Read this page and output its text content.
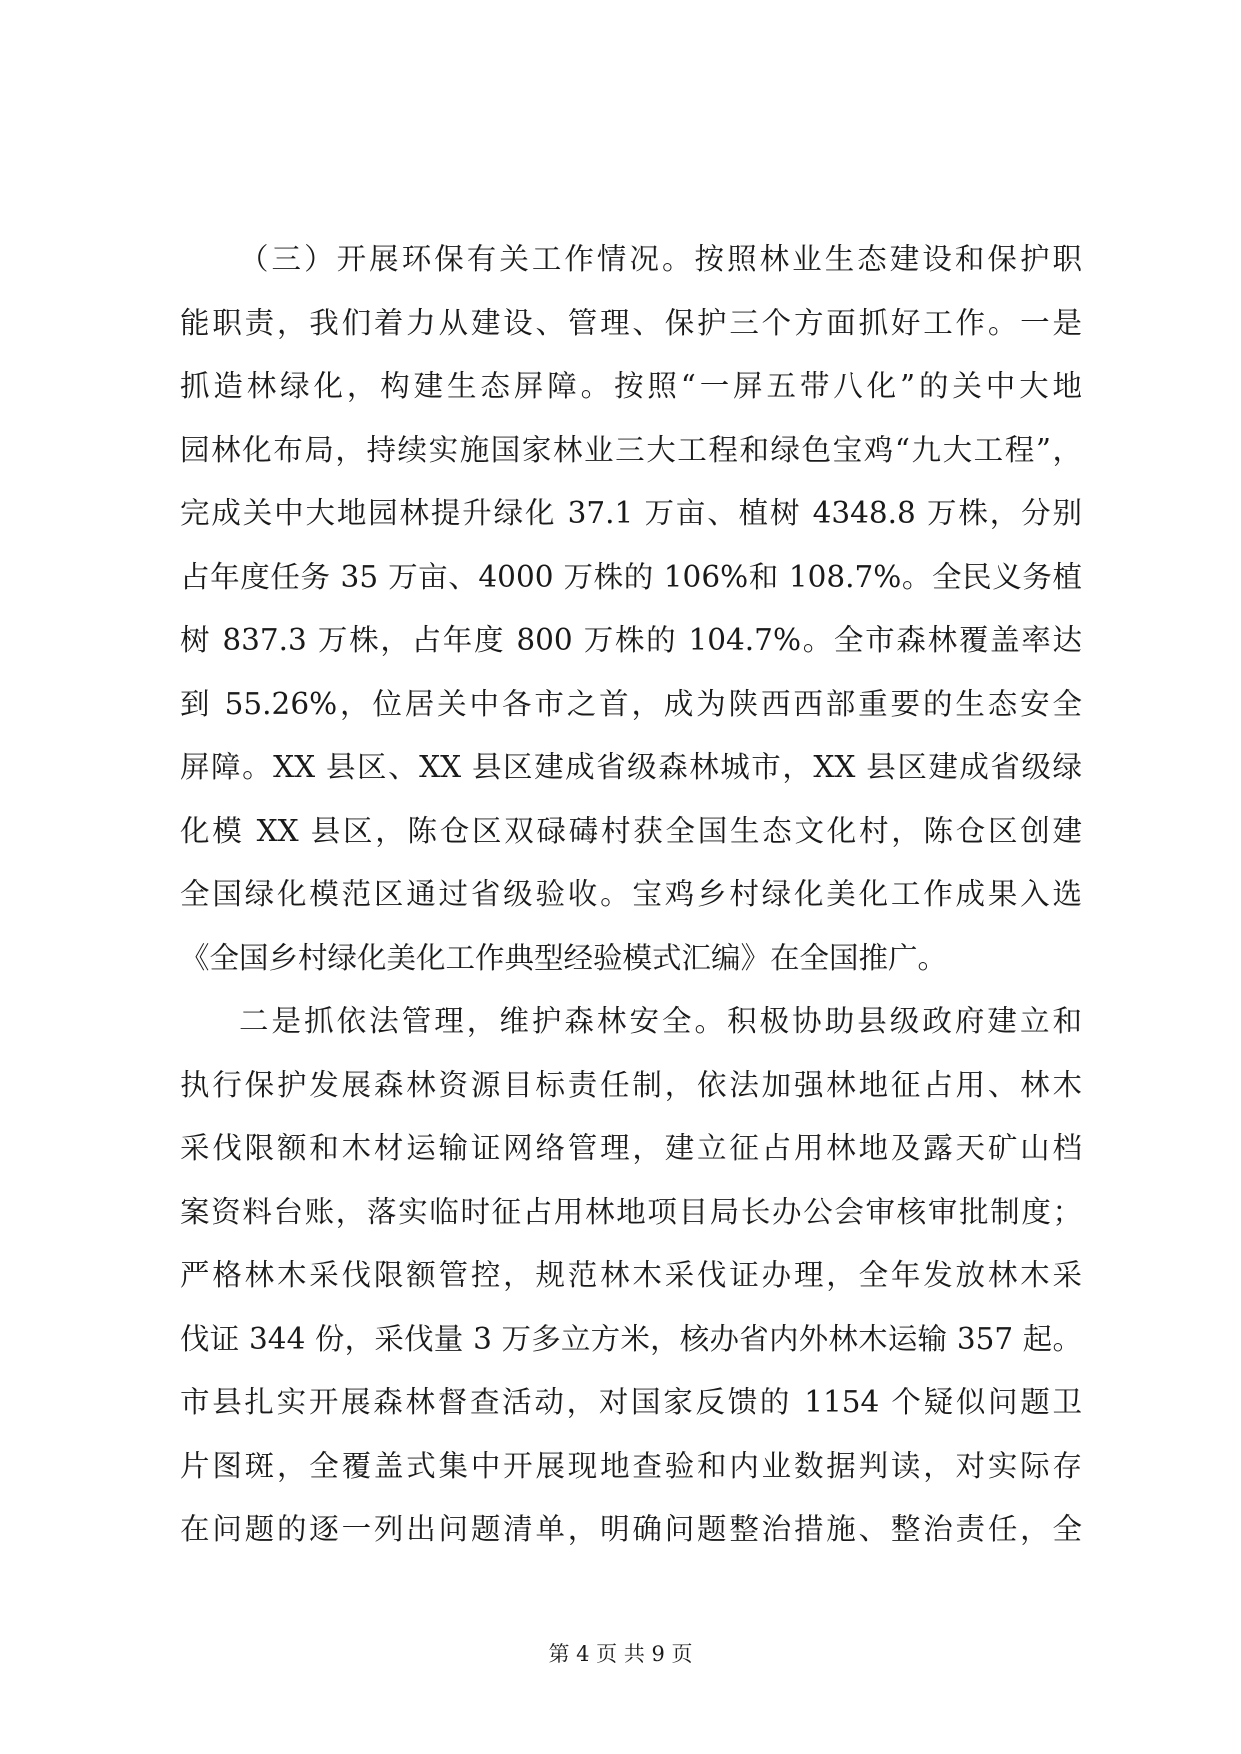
（三）开展环保有关工作情况。按照林业生态建设和保护职
能职责，我们着力从建设、管理、保护三个方面抓好工作。一是
抓造林绿化，构建生态屏障。按照“一屏五带八化”的关中大地
园林化布局，持续实施国家林业三大工程和绿色宝鸡“九大工程”，
完成关中大地园林提升绿化 37.1 万亩、植树 4348.8 万株，分别
占年度任务 35 万亩、4000 万株的 106%和 108.7%。全民义务植
树 837.3 万株，占年度 800 万株的 104.7%。全市森林覆盖率达
到 55.26%，位居关中各市之首，成为陕西西部重要的生态安全
屏障。XX 县区、XX 县区建成省级森林城市，XX 县区建成省级绿
化模 XX 县区，陈仓区双碌碡村获全国生态文化村，陈仓区创建
全国绿化模范区通过省级验收。宝鸡乡村绿化美化工作成果入选
《全国乡村绿化美化工作典型经验模式汇编》在全国推广。
二是抓依法管理，维护森林安全。积极协助县级政府建立和
执行保护发展森林资源目标责任制，依法加强林地征占用、林木
采伐限额和木材运输证网络管理，建立征占用林地及露天矿山档
案资料台账，落实临时征占用林地项目局长办公会审核审批制度；
严格林木采伐限额管控，规范林木采伐证办理，全年发放林木采
伐证 344 份，采伐量 3 万多立方米，核办省内外林木运输 357 起。
市县扎实开展森林督查活动，对国家反馈的 1154 个疑似问题卫
片图斑，全覆盖式集中开展现地查验和内业数据判读，对实际存
在问题的逐一列出问题清单，明确问题整治措施、整治责任，全
第 4 页 共 9 页
